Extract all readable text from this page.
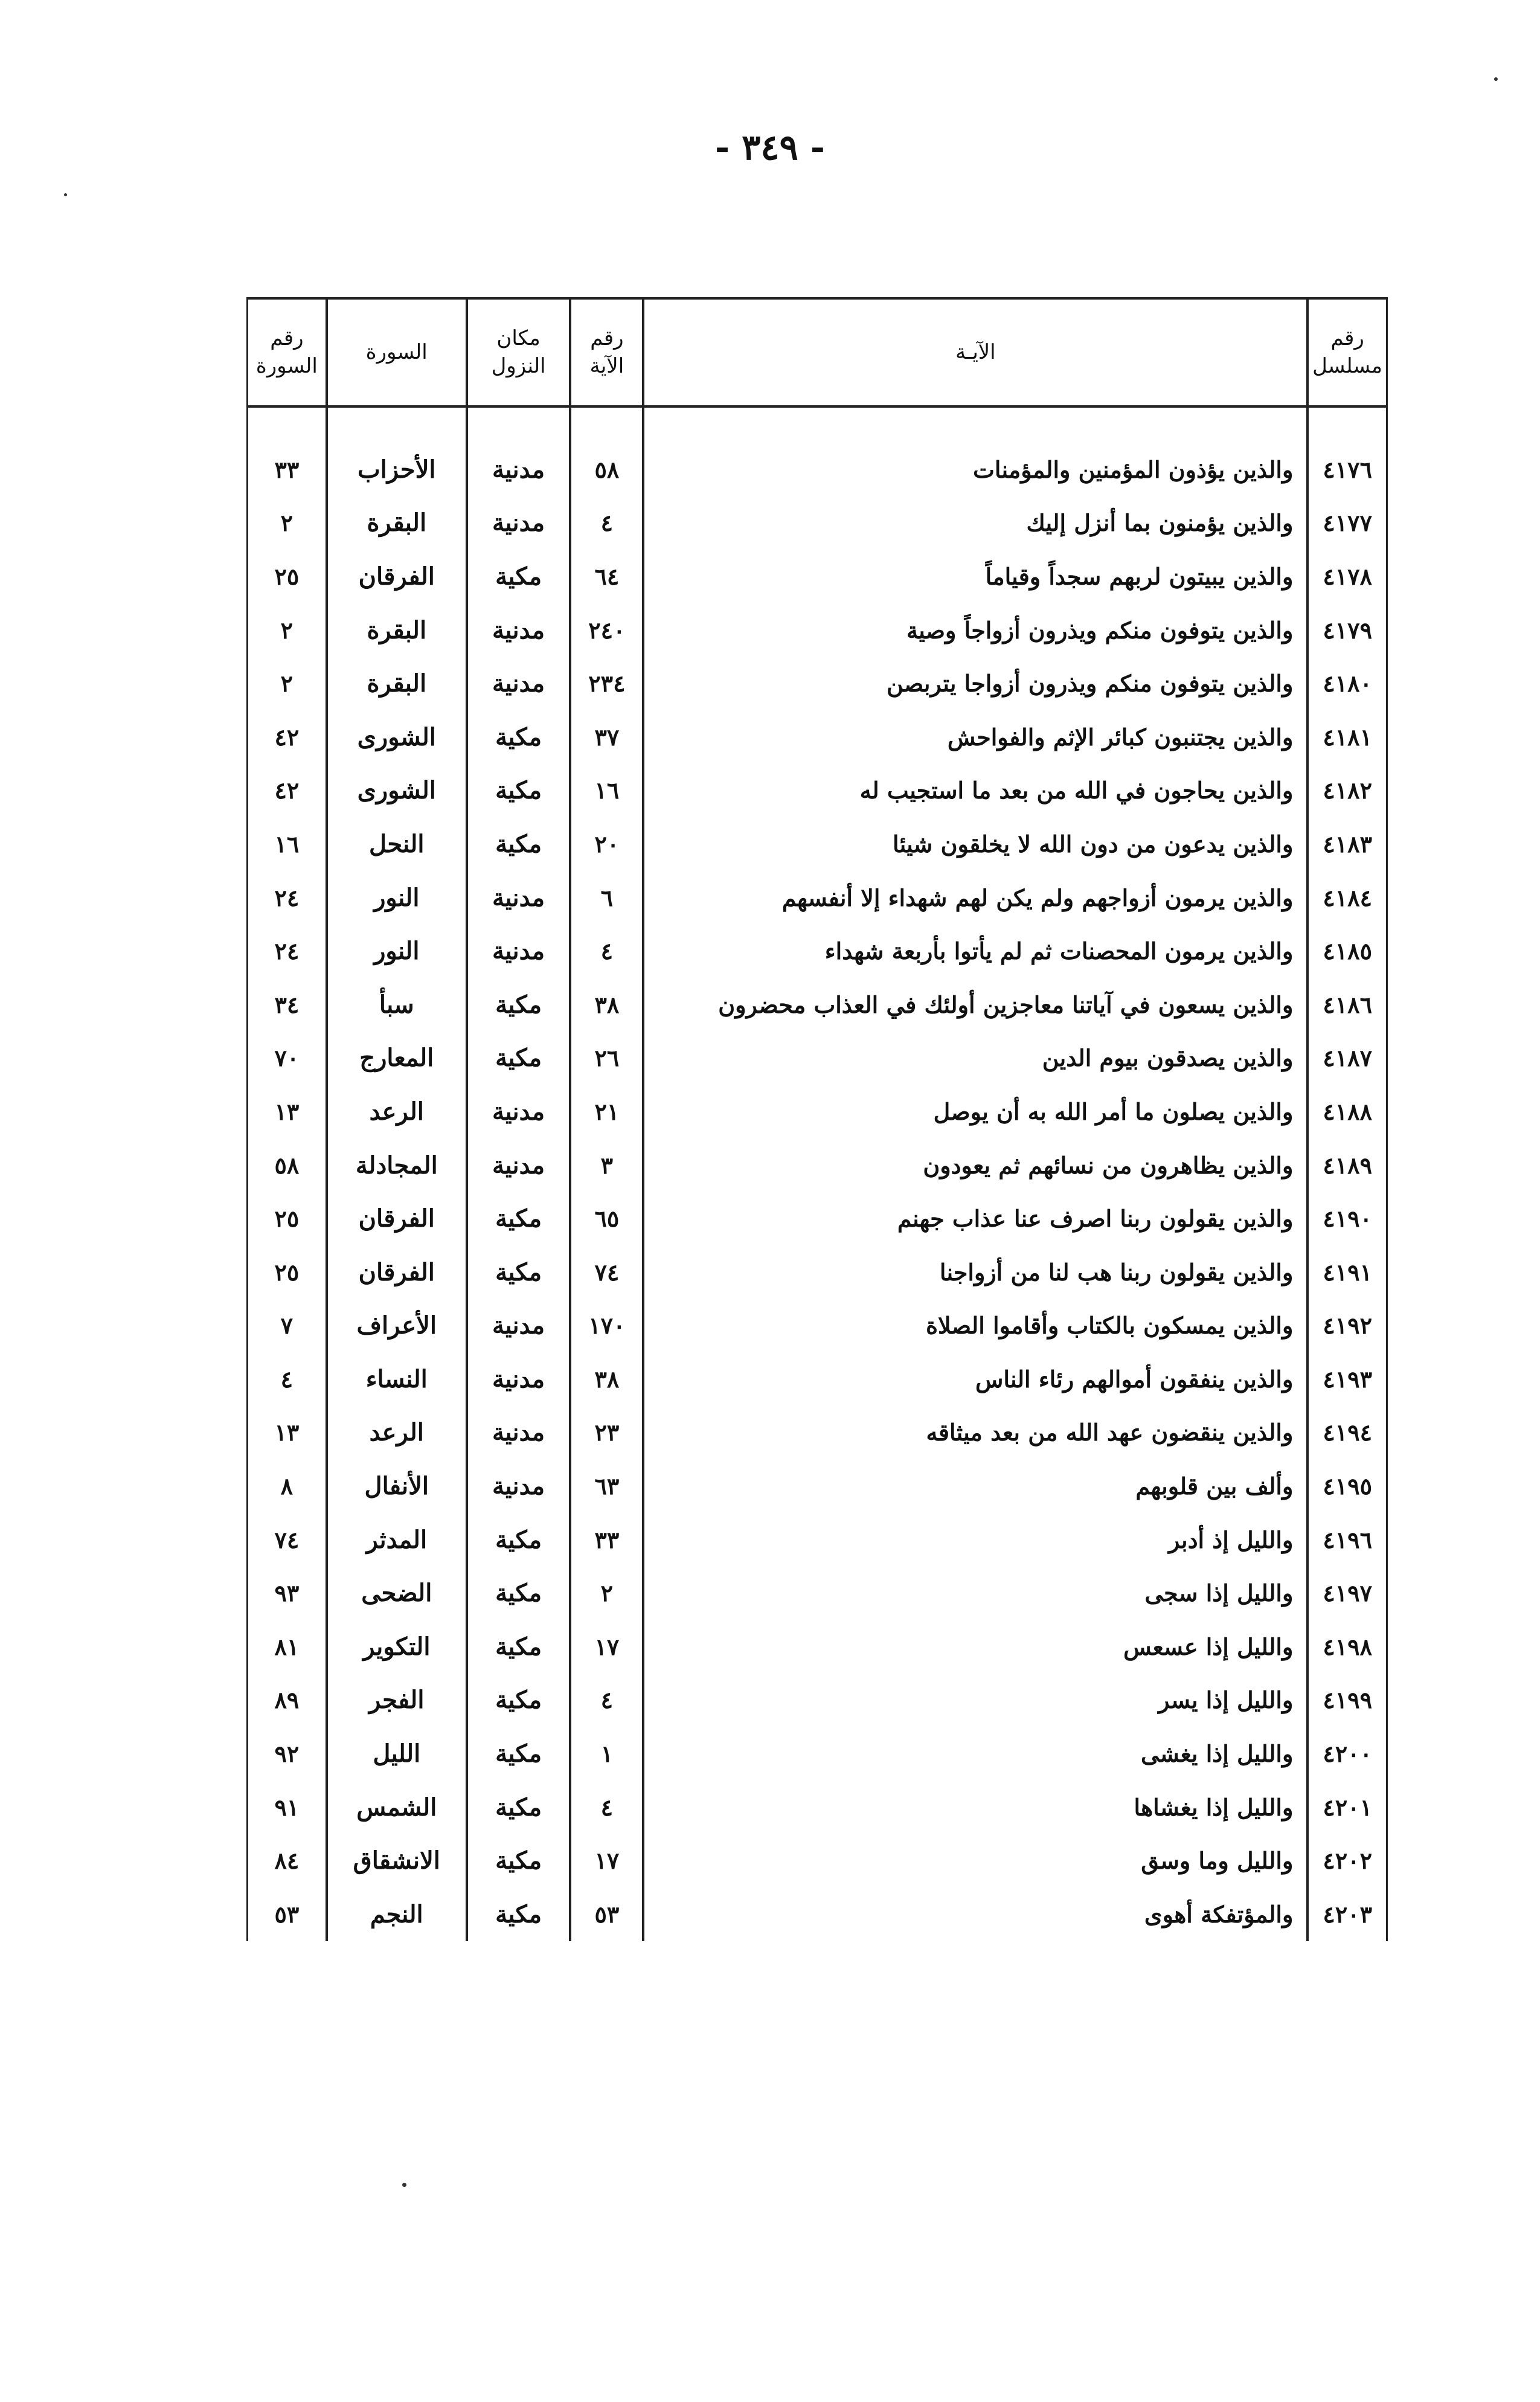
- ٣٤٩ -
رقم مسلسل	الآيـة	رقم الآية	مكان النزول	السورة	رقم السورة
٤١٧٦	والذين يؤذون المؤمنين والمؤمنات	٥٨	مدنية	الأحزاب	٣٣
٤١٧٧	والذين يؤمنون بما أنزل إليك	٤	مدنية	البقرة	٢
٤١٧٨	والذين يبيتون لربهم سجداً وقياماً	٦٤	مكية	الفرقان	٢٥
٤١٧٩	والذين يتوفون منكم ويذرون أزواجاً وصية	٢٤٠	مدنية	البقرة	٢
٤١٨٠	والذين يتوفون منكم ويذرون أزواجا يتربصن	٢٣٤	مدنية	البقرة	٢
٤١٨١	والذين يجتنبون كبائر الإثم والفواحش	٣٧	مكية	الشورى	٤٢
٤١٨٢	والذين يحاجون في الله من بعد ما استجيب له	١٦	مكية	الشورى	٤٢
٤١٨٣	والذين يدعون من دون الله لا يخلقون شيئا	٢٠	مكية	النحل	١٦
٤١٨٤	والذين يرمون أزواجهم ولم يكن لهم شهداء إلا أنفسهم	٦	مدنية	النور	٢٤
٤١٨٥	والذين يرمون المحصنات ثم لم يأتوا بأربعة شهداء	٤	مدنية	النور	٢٤
٤١٨٦	والذين يسعون في آياتنا معاجزين أولئك في العذاب محضرون	٣٨	مكية	سبأ	٣٤
٤١٨٧	والذين يصدقون بيوم الدين	٢٦	مكية	المعارج	٧٠
٤١٨٨	والذين يصلون ما أمر الله به أن يوصل	٢١	مدنية	الرعد	١٣
٤١٨٩	والذين يظاهرون من نسائهم ثم يعودون	٣	مدنية	المجادلة	٥٨
٤١٩٠	والذين يقولون ربنا اصرف عنا عذاب جهنم	٦٥	مكية	الفرقان	٢٥
٤١٩١	والذين يقولون ربنا هب لنا من أزواجنا	٧٤	مكية	الفرقان	٢٥
٤١٩٢	والذين يمسكون بالكتاب وأقاموا الصلاة	١٧٠	مدنية	الأعراف	٧
٤١٩٣	والذين ينفقون أموالهم رئاء الناس	٣٨	مدنية	النساء	٤
٤١٩٤	والذين ينقضون عهد الله من بعد ميثاقه	٢٣	مدنية	الرعد	١٣
٤١٩٥	وألف بين قلوبهم	٦٣	مدنية	الأنفال	٨
٤١٩٦	والليل إذ أدبر	٣٣	مكية	المدثر	٧٤
٤١٩٧	والليل إذا سجى	٢	مكية	الضحى	٩٣
٤١٩٨	والليل إذا عسعس	١٧	مكية	التكوير	٨١
٤١٩٩	والليل إذا يسر	٤	مكية	الفجر	٨٩
٤٢٠٠	والليل إذا يغشى	١	مكية	الليل	٩٢
٤٢٠١	والليل إذا يغشاها	٤	مكية	الشمس	٩١
٤٢٠٢	والليل وما وسق	١٧	مكية	الانشقاق	٨٤
٤٢٠٣	والمؤتفكة أهوى	٥٣	مكية	النجم	٥٣
